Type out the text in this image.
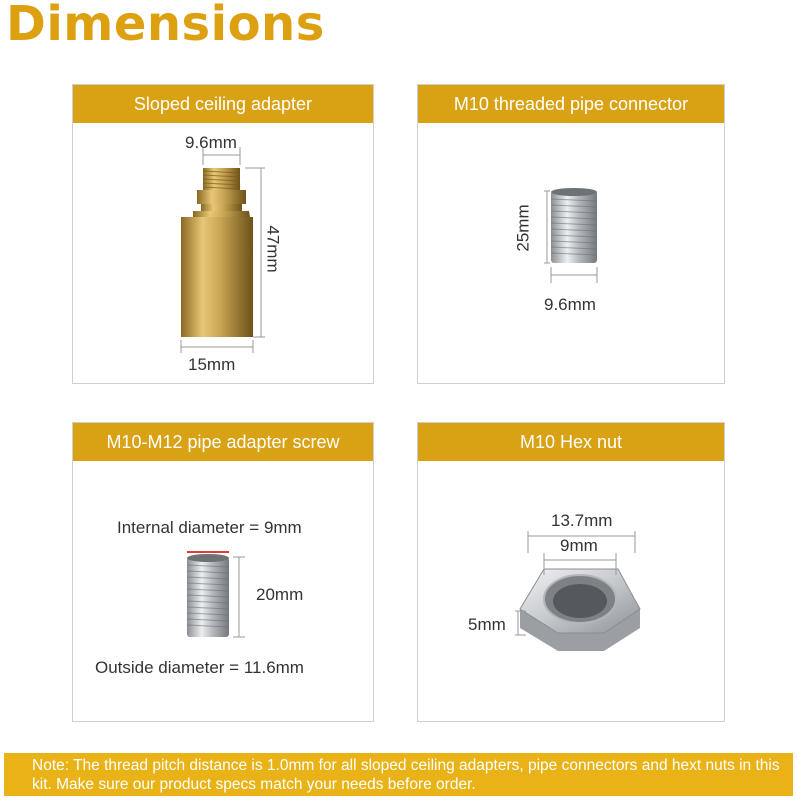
Dimensions
Sloped ceiling adapter
9.6mm
47mm
15mm
M10 threaded pipe connector
25mm
9.6mm
M10-M12 pipe adapter screw
Internal diameter = 9mm
20mm
Outside diameter = 11.6mm
M10 Hex nut
13.7mm
9mm
5mm
Note: The thread pitch distance is 1.0mm for all sloped ceiling adapters, pipe connectors and hext nuts in this kit. Make sure our product specs match your needs before order.
